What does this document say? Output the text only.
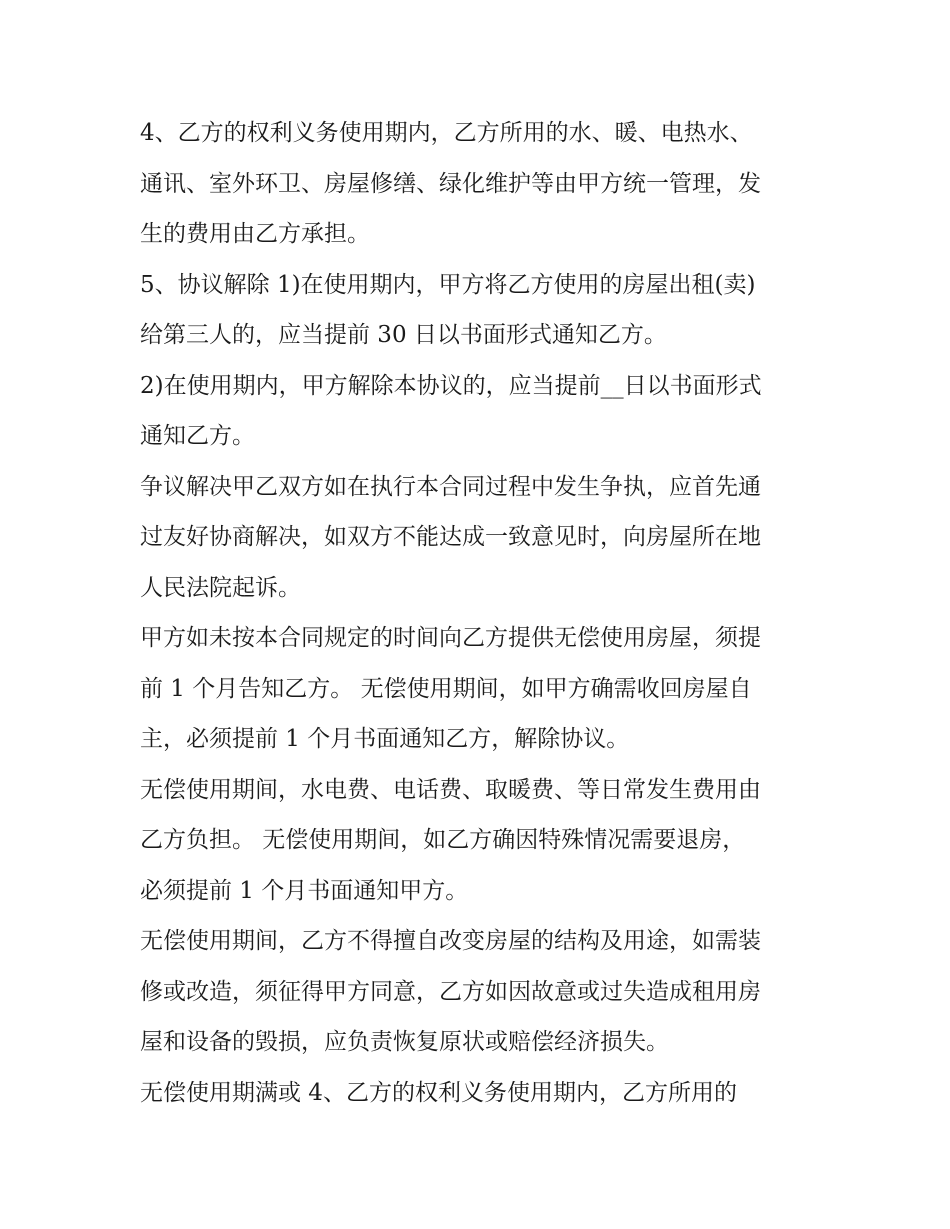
4、乙方的权利义务使用期内，乙方所用的水、暖、电热水、
通讯、室外环卫、房屋修缮、绿化维护等由甲方统一管理，发
生的费用由乙方承担。
5、协议解除 1)在使用期内，甲方将乙方使用的房屋出租(卖)
给第三人的，应当提前 30 日以书面形式通知乙方。
2)在使用期内，甲方解除本协议的，应当提前__日以书面形式
通知乙方。
争议解决甲乙双方如在执行本合同过程中发生争执，应首先通
过友好协商解决，如双方不能达成一致意见时，向房屋所在地
人民法院起诉。
甲方如未按本合同规定的时间向乙方提供无偿使用房屋，须提
前 1 个月告知乙方。 无偿使用期间，如甲方确需收回房屋自
主，必须提前 1 个月书面通知乙方，解除协议。
无偿使用期间，水电费、电话费、取暖费、等日常发生费用由
乙方负担。 无偿使用期间，如乙方确因特殊情况需要退房，
必须提前 1 个月书面通知甲方。
无偿使用期间，乙方不得擅自改变房屋的结构及用途，如需装
修或改造，须征得甲方同意，乙方如因故意或过失造成租用房
屋和设备的毁损，应负责恢复原状或赔偿经济损失。
无偿使用期满或 4、乙方的权利义务使用期内，乙方所用的
